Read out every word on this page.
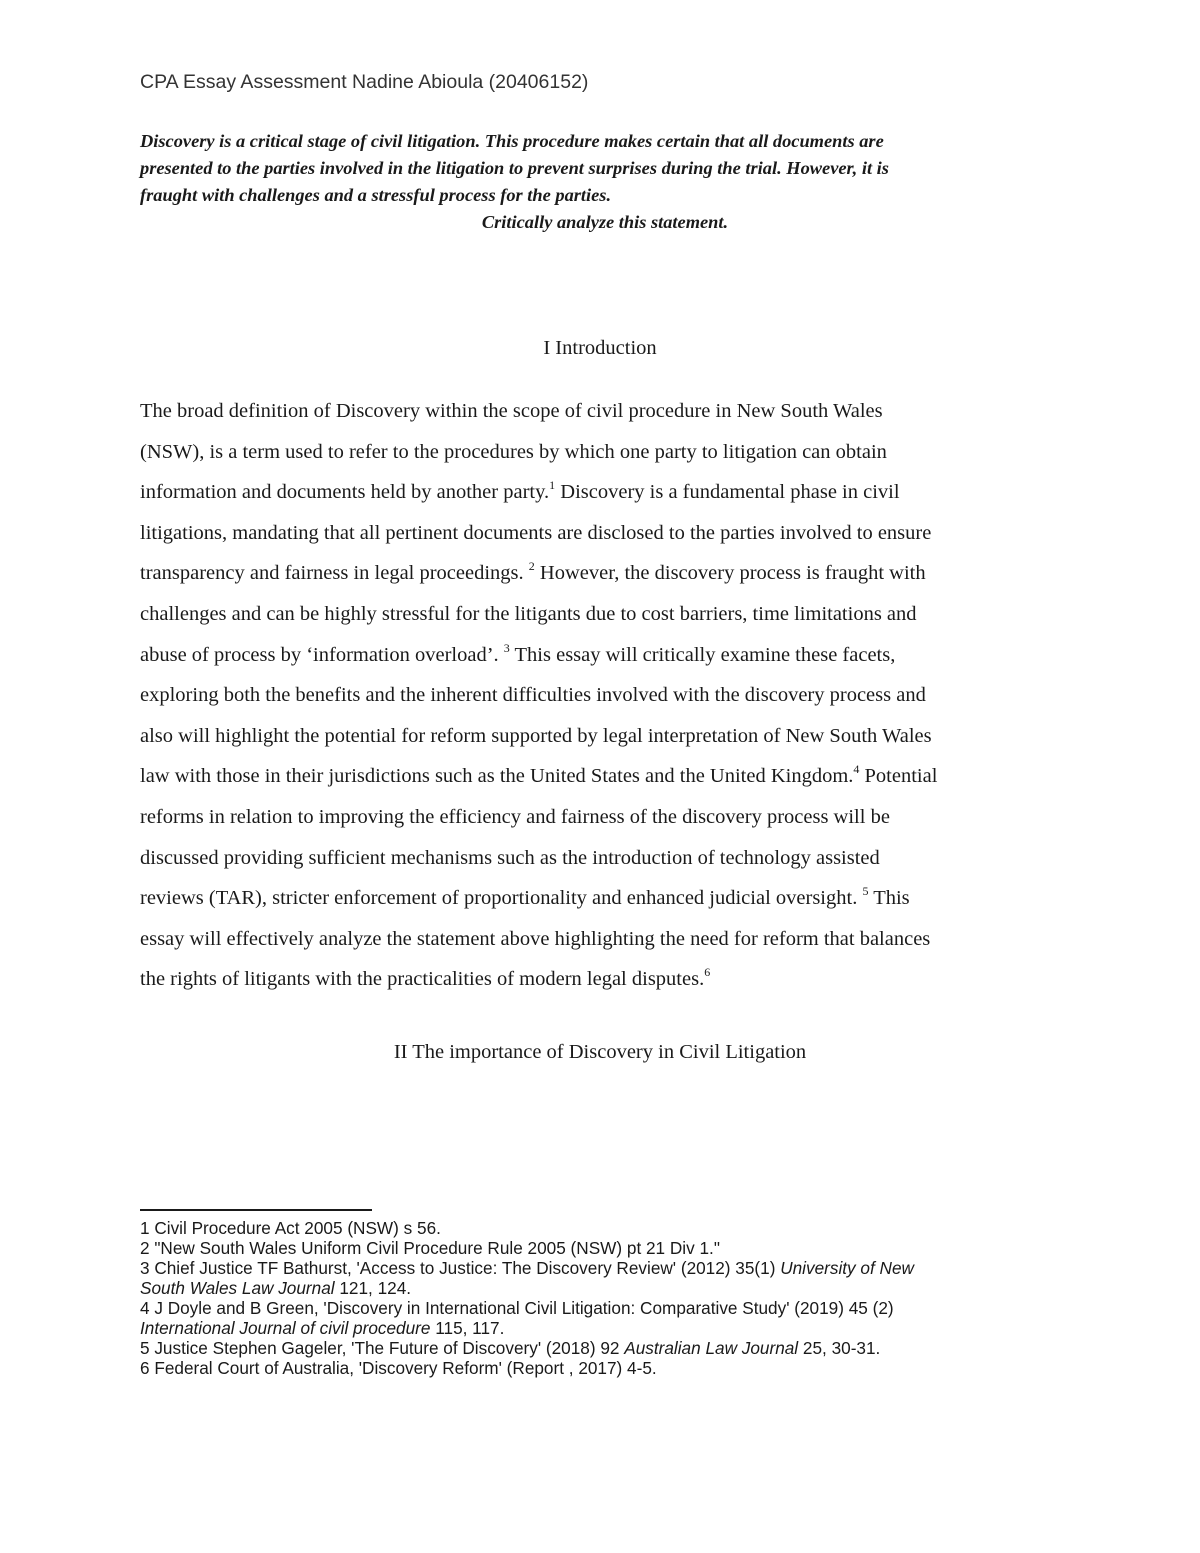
CPA Essay Assessment Nadine Abioula (20406152)
Discovery is a critical stage of civil litigation. This procedure makes certain that all documents are
presented to the parties involved in the litigation to prevent surprises during the trial. However, it is
fraught with challenges and a stressful process for the parties.
Critically analyze this statement.
I Introduction
The broad definition of Discovery within the scope of civil procedure in New South Wales
(NSW), is a term used to refer to the procedures by which one party to litigation can obtain
information and documents held by another party.$^1$ Discovery is a fundamental phase in civil
litigations, mandating that all pertinent documents are disclosed to the parties involved to ensure
transparency and fairness in legal proceedings. $^2$ However, the discovery process is fraught with
challenges and can be highly stressful for the litigants due to cost barriers, time limitations and
abuse of process by ‘information overload’. $^3$ This essay will critically examine these facets,
exploring both the benefits and the inherent difficulties involved with the discovery process and
also will highlight the potential for reform supported by legal interpretation of New South Wales
law with those in their jurisdictions such as the United States and the United Kingdom.$^4$ Potential
reforms in relation to improving the efficiency and fairness of the discovery process will be
discussed providing sufficient mechanisms such as the introduction of technology assisted
reviews (TAR), stricter enforcement of proportionality and enhanced judicial oversight. $^5$ This
essay will effectively analyze the statement above highlighting the need for reform that balances
the rights of litigants with the practicalities of modern legal disputes.$^6$
II The importance of Discovery in Civil Litigation
1 Civil Procedure Act 2005 (NSW) s 56.
2 "New South Wales Uniform Civil Procedure Rule 2005 (NSW) pt 21 Div 1."
3 Chief Justice TF Bathurst, 'Access to Justice: The Discovery Review' (2012) 35(1) University of New
South Wales Law Journal 121, 124.
4 J Doyle and B Green, 'Discovery in International Civil Litigation: Comparative Study' (2019) 45 (2)
International Journal of civil procedure 115, 117.
5 Justice Stephen Gageler, 'The Future of Discovery' (2018) 92 Australian Law Journal 25, 30-31.
6 Federal Court of Australia, 'Discovery Reform' (Report , 2017) 4-5.
